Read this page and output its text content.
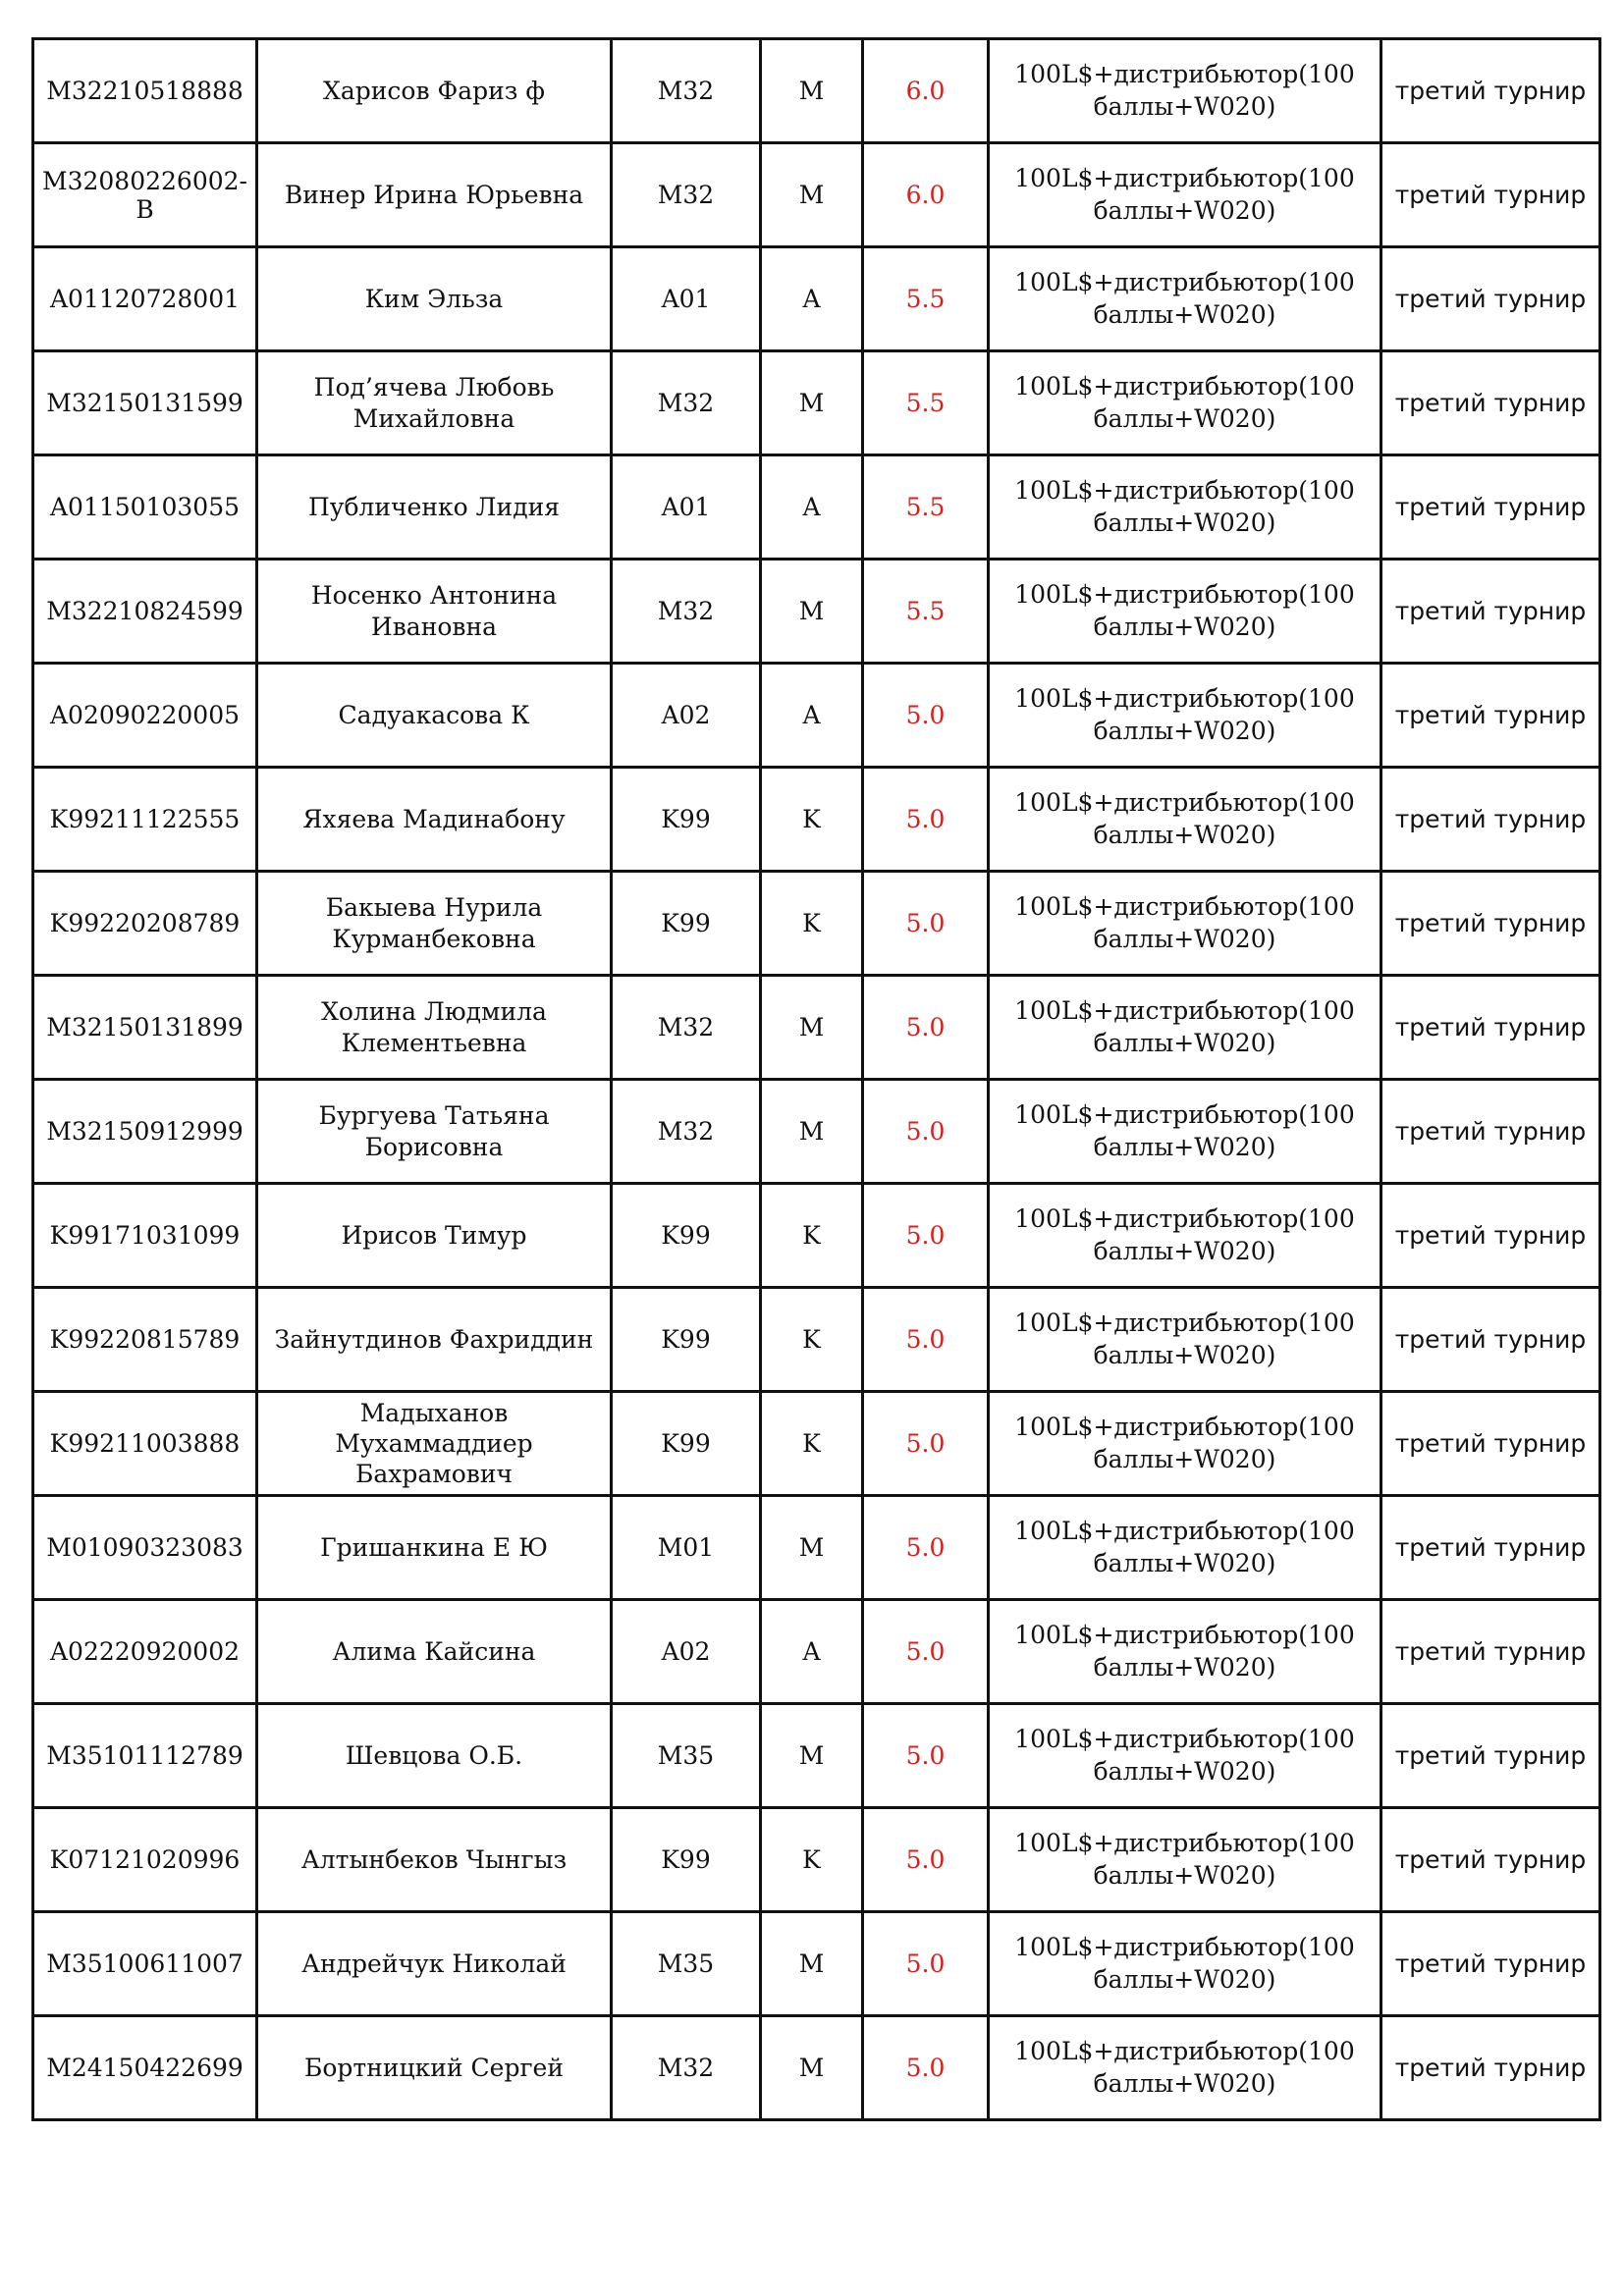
M32210518888	Харисов Фариз ф	M32	M	6.0	100L$+дистрибьютор(100 баллы+W020)	третий турнир
M32080226002-B	Винер Ирина Юрьевна	M32	M	6.0	100L$+дистрибьютор(100 баллы+W020)	третий турнир
A01120728001	Ким Эльза	A01	A	5.5	100L$+дистрибьютор(100 баллы+W020)	третий турнир
M32150131599	Под’ячева Любовь Михайловна	M32	M	5.5	100L$+дистрибьютор(100 баллы+W020)	третий турнир
A01150103055	Публиченко Лидия	A01	A	5.5	100L$+дистрибьютор(100 баллы+W020)	третий турнир
M32210824599	Носенко Антонина Ивановна	M32	M	5.5	100L$+дистрибьютор(100 баллы+W020)	третий турнир
A02090220005	Садуакасова К	A02	A	5.0	100L$+дистрибьютор(100 баллы+W020)	третий турнир
K99211122555	Яхяева Мадинабону	K99	K	5.0	100L$+дистрибьютор(100 баллы+W020)	третий турнир
K99220208789	Бакыева Нурила Курманбековна	K99	K	5.0	100L$+дистрибьютор(100 баллы+W020)	третий турнир
M32150131899	Холина Людмила Клементьевна	M32	M	5.0	100L$+дистрибьютор(100 баллы+W020)	третий турнир
M32150912999	Бургуева Татьяна Борисовна	M32	M	5.0	100L$+дистрибьютор(100 баллы+W020)	третий турнир
K99171031099	Ирисов Тимур	K99	K	5.0	100L$+дистрибьютор(100 баллы+W020)	третий турнир
K99220815789	Зайнутдинов Фахриддин	K99	K	5.0	100L$+дистрибьютор(100 баллы+W020)	третий турнир
K99211003888	Мадыханов Мухаммаддиер Бахрамович	K99	K	5.0	100L$+дистрибьютор(100 баллы+W020)	третий турнир
M01090323083	Гришанкина Е Ю	M01	M	5.0	100L$+дистрибьютор(100 баллы+W020)	третий турнир
A02220920002	Алима Кайсина	A02	A	5.0	100L$+дистрибьютор(100 баллы+W020)	третий турнир
M35101112789	Шевцова О.Б.	M35	M	5.0	100L$+дистрибьютор(100 баллы+W020)	третий турнир
K07121020996	Алтынбеков Чынгыз	K99	K	5.0	100L$+дистрибьютор(100 баллы+W020)	третий турнир
M35100611007	Андрейчук Николай	M35	M	5.0	100L$+дистрибьютор(100 баллы+W020)	третий турнир
M24150422699	Бортницкий Сергей	M32	M	5.0	100L$+дистрибьютор(100 баллы+W020)	третий турнир
